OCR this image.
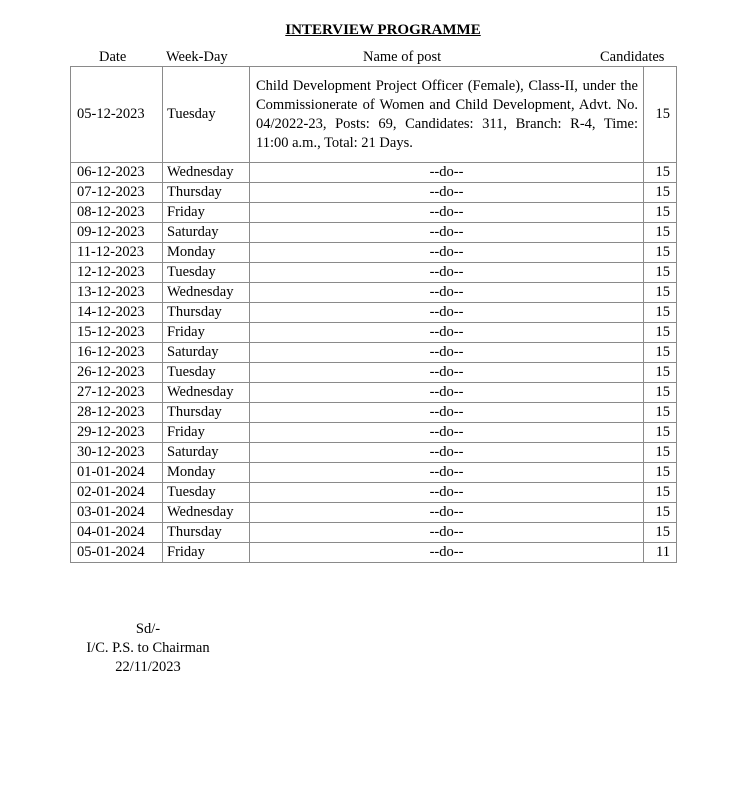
INTERVIEW PROGRAMME
Date	Week-Day	Name of post	Candidates
05-12-2023	Tuesday	Child Development Project Officer (Female), Class-II, under the Commissionerate of Women and Child Development, Advt. No. 04/2022-23, Posts: 69, Candidates: 311, Branch: R-4, Time: 11:00 a.m., Total: 21 Days.	15
06-12-2023	Wednesday	--do--	15
07-12-2023	Thursday	--do--	15
08-12-2023	Friday	--do--	15
09-12-2023	Saturday	--do--	15
11-12-2023	Monday	--do--	15
12-12-2023	Tuesday	--do--	15
13-12-2023	Wednesday	--do--	15
14-12-2023	Thursday	--do--	15
15-12-2023	Friday	--do--	15
16-12-2023	Saturday	--do--	15
26-12-2023	Tuesday	--do--	15
27-12-2023	Wednesday	--do--	15
28-12-2023	Thursday	--do--	15
29-12-2023	Friday	--do--	15
30-12-2023	Saturday	--do--	15
01-01-2024	Monday	--do--	15
02-01-2024	Tuesday	--do--	15
03-01-2024	Wednesday	--do--	15
04-01-2024	Thursday	--do--	15
05-01-2024	Friday	--do--	11
Sd/-
I/C. P.S. to Chairman
22/11/2023
